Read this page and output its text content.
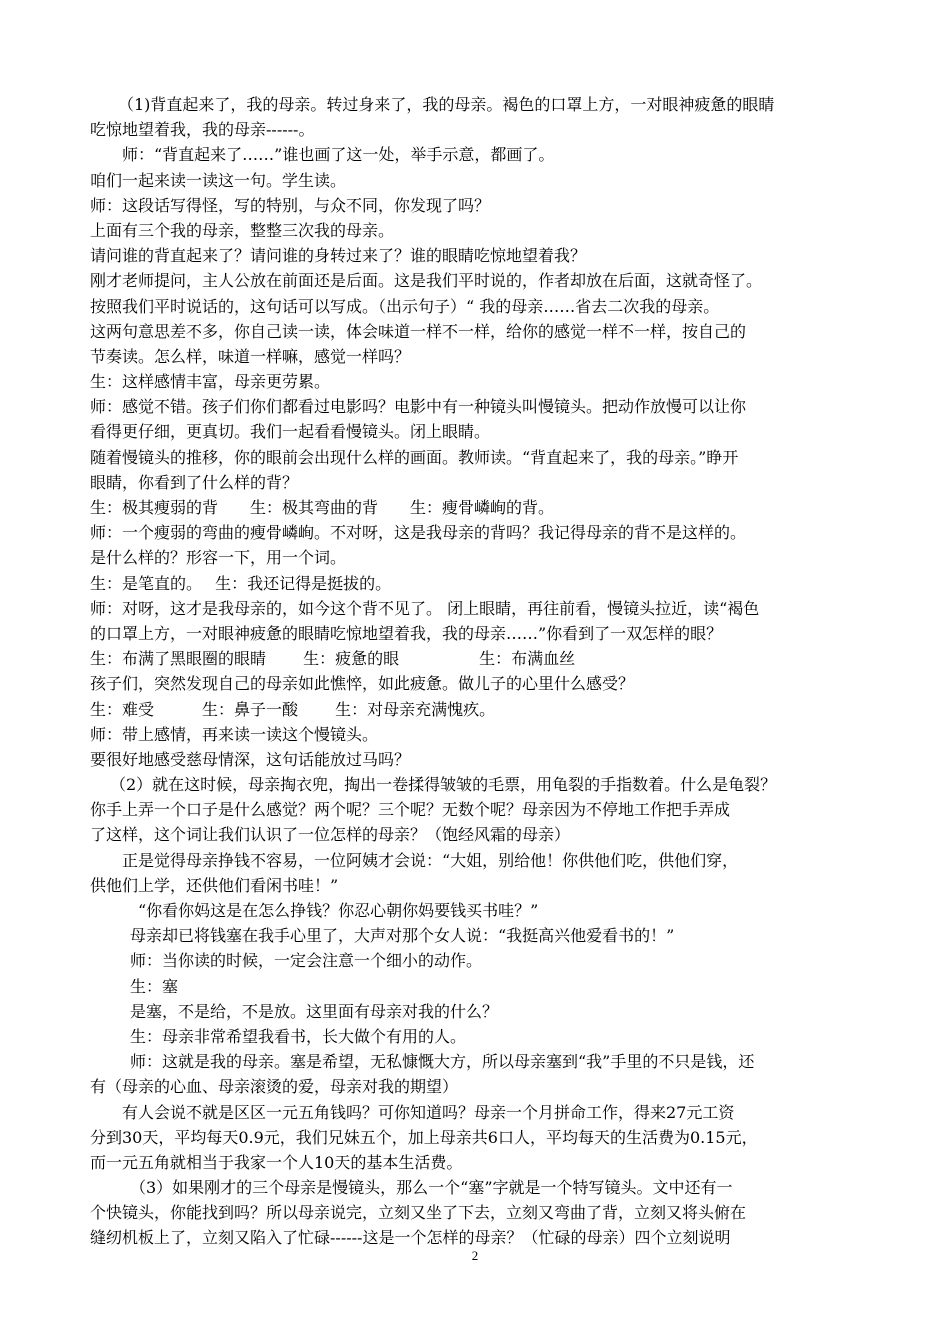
（1)背直起来了，我的母亲。转过身来了，我的母亲。褐色的口罩上方，一对眼神疲惫的眼睛
吃惊地望着我，我的母亲------。
师：“背直起来了……”谁也画了这一处，举手示意，都画了。
咱们一起来读一读这一句。学生读。
师：这段话写得怪，写的特别，与众不同，你发现了吗？
上面有三个我的母亲，整整三次我的母亲。
请问谁的背直起来了？请问谁的身转过来了？谁的眼睛吃惊地望着我？
刚才老师提问，主人公放在前面还是后面。这是我们平时说的，作者却放在后面，这就奇怪了。
按照我们平时说话的，这句话可以写成。（出示句子）“ 我的母亲……省去二次我的母亲。
这两句意思差不多，你自己读一读，体会味道一样不一样，给你的感觉一样不一样，按自己的
节奏读。怎么样，味道一样嘛，感觉一样吗？
生：这样感情丰富，母亲更劳累。
师：感觉不错。孩子们你们都看过电影吗？电影中有一种镜头叫慢镜头。把动作放慢可以让你
看得更仔细，更真切。我们一起看看慢镜头。闭上眼睛。
随着慢镜头的推移，你的眼前会出现什么样的画面。教师读。“背直起来了，我的母亲。”睁开
眼睛，你看到了什么样的背？
生：极其瘦弱的背　　生：极其弯曲的背　　生：瘦骨嶙峋的背。
师：一个瘦弱的弯曲的瘦骨嶙峋。不对呀，这是我母亲的背吗？我记得母亲的背不是这样的。
是什么样的？形容一下，用一个词。
生：是笔直的。　 生：我还记得是挺拔的。
师：对呀，这才是我母亲的，如今这个背不见了。 闭上眼睛，再往前看，慢镜头拉近，读“褐色
的口罩上方，一对眼神疲惫的眼睛吃惊地望着我，我的母亲……”你看到了一双怎样的眼？
生：布满了黑眼圈的眼睛　　 生：疲惫的眼　　　　　生：布满血丝
孩子们，突然发现自己的母亲如此憔悴，如此疲惫。做儿子的心里什么感受？
生：难受　　　生：鼻子一酸　　 生：对母亲充满愧疚。
师：带上感情，再来读一读这个慢镜头。
要很好地感受慈母情深，这句话能放过马吗？
（2）就在这时候，母亲掏衣兜，掏出一卷揉得皱皱的毛票，用龟裂的手指数着。什么是龟裂？
你手上弄一个口子是什么感觉？两个呢？三个呢？无数个呢？母亲因为不停地工作把手弄成
了这样，这个词让我们认识了一位怎样的母亲？（饱经风霜的母亲）
正是觉得母亲挣钱不容易，一位阿姨才会说：“大姐，别给他！你供他们吃，供他们穿，
供他们上学，还供他们看闲书哇！”
“你看你妈这是在怎么挣钱？你忍心朝你妈要钱买书哇？”
母亲却已将钱塞在我手心里了，大声对那个女人说：“我挺高兴他爱看书的！”
师：当你读的时候，一定会注意一个细小的动作。
生：塞
是塞，不是给，不是放。这里面有母亲对我的什么？
生：母亲非常希望我看书，长大做个有用的人。
师：这就是我的母亲。塞是希望，无私慷慨大方，所以母亲塞到“我”手里的不只是钱，还
有（母亲的心血、母亲滚烫的爱，母亲对我的期望）
有人会说不就是区区一元五角钱吗？可你知道吗？母亲一个月拼命工作，得来27元工资
分到30天，平均每天0.9元，我们兄妹五个，加上母亲共6口人，平均每天的生活费为0.15元，
而一元五角就相当于我家一个人10天的基本生活费。
（3）如果刚才的三个母亲是慢镜头，那么一个“塞”字就是一个特写镜头。文中还有一
个快镜头，你能找到吗？所以母亲说完，立刻又坐了下去，立刻又弯曲了背，立刻又将头俯在
缝纫机板上了，立刻又陷入了忙碌------这是一个怎样的母亲？（忙碌的母亲）四个立刻说明
2
